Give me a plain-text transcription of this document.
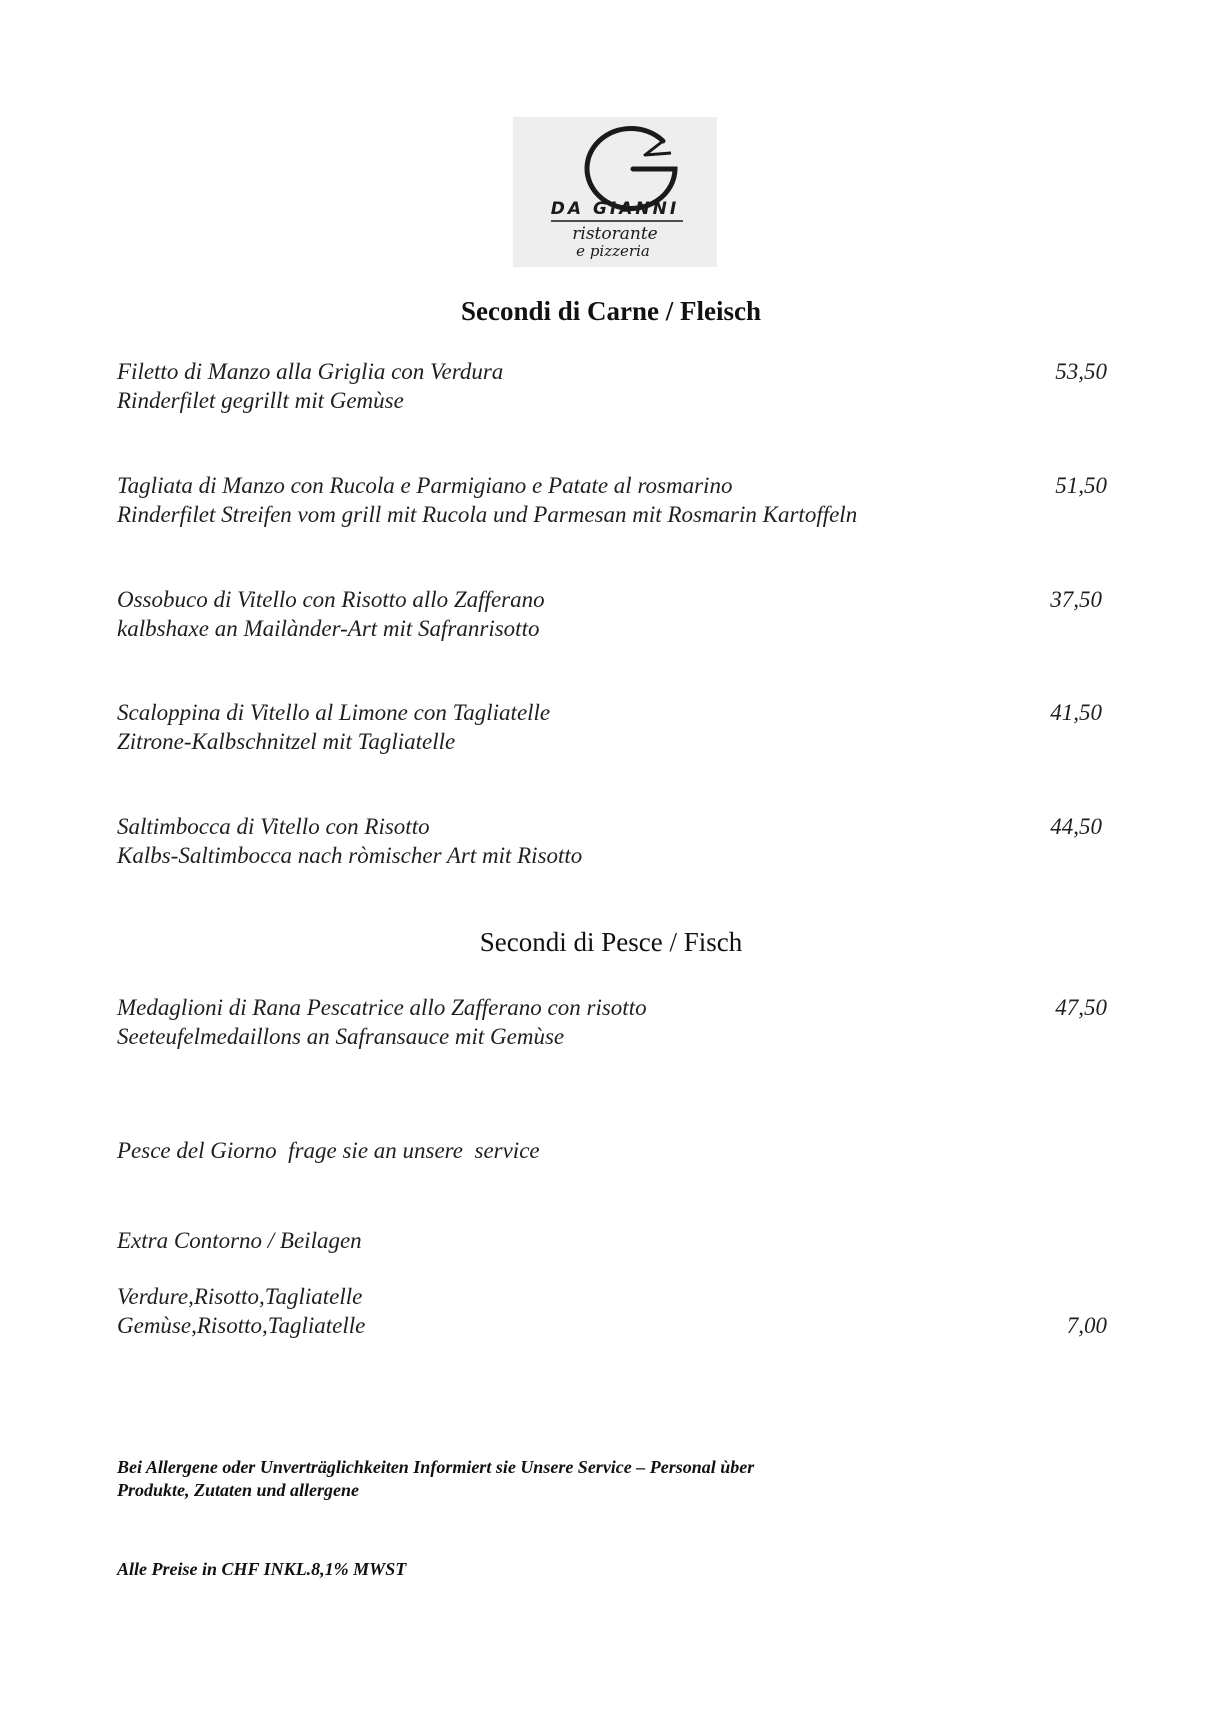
DA GIANNI
ristorante
e pizzeria
Secondi di Carne / Fleisch
Filetto di Manzo alla Griglia con Verdura
Rinderfilet gegrillt mit Gemùse
53,50
Tagliata di Manzo con Rucola e Parmigiano e Patate al rosmarino
Rinderfilet Streifen vom grill mit Rucola und Parmesan mit Rosmarin Kartoffeln
51,50
Ossobuco di Vitello con Risotto allo Zafferano
kalbshaxe an Mailànder-Art mit Safranrisotto
37,50
Scaloppina di Vitello al Limone con Tagliatelle
Zitrone-Kalbschnitzel mit Tagliatelle
41,50
Saltimbocca di Vitello con Risotto
Kalbs-Saltimbocca nach ròmischer Art mit Risotto
44,50
Secondi di Pesce / Fisch
Medaglioni di Rana Pescatrice allo Zafferano con risotto
Seeteufelmedaillons an Safransauce mit Gemùse
47,50
Pesce del Giorno  frage sie an unsere  service
Extra Contorno / Beilagen
Verdure,Risotto,Tagliatelle
Gemùse,Risotto,Tagliatelle	7,00
Bei Allergene oder Unverträglichkeiten Informiert sie Unsere Service – Personal ùber
Produkte, Zutaten und allergene
Alle Preise in CHF INKL.8,1% MWST
